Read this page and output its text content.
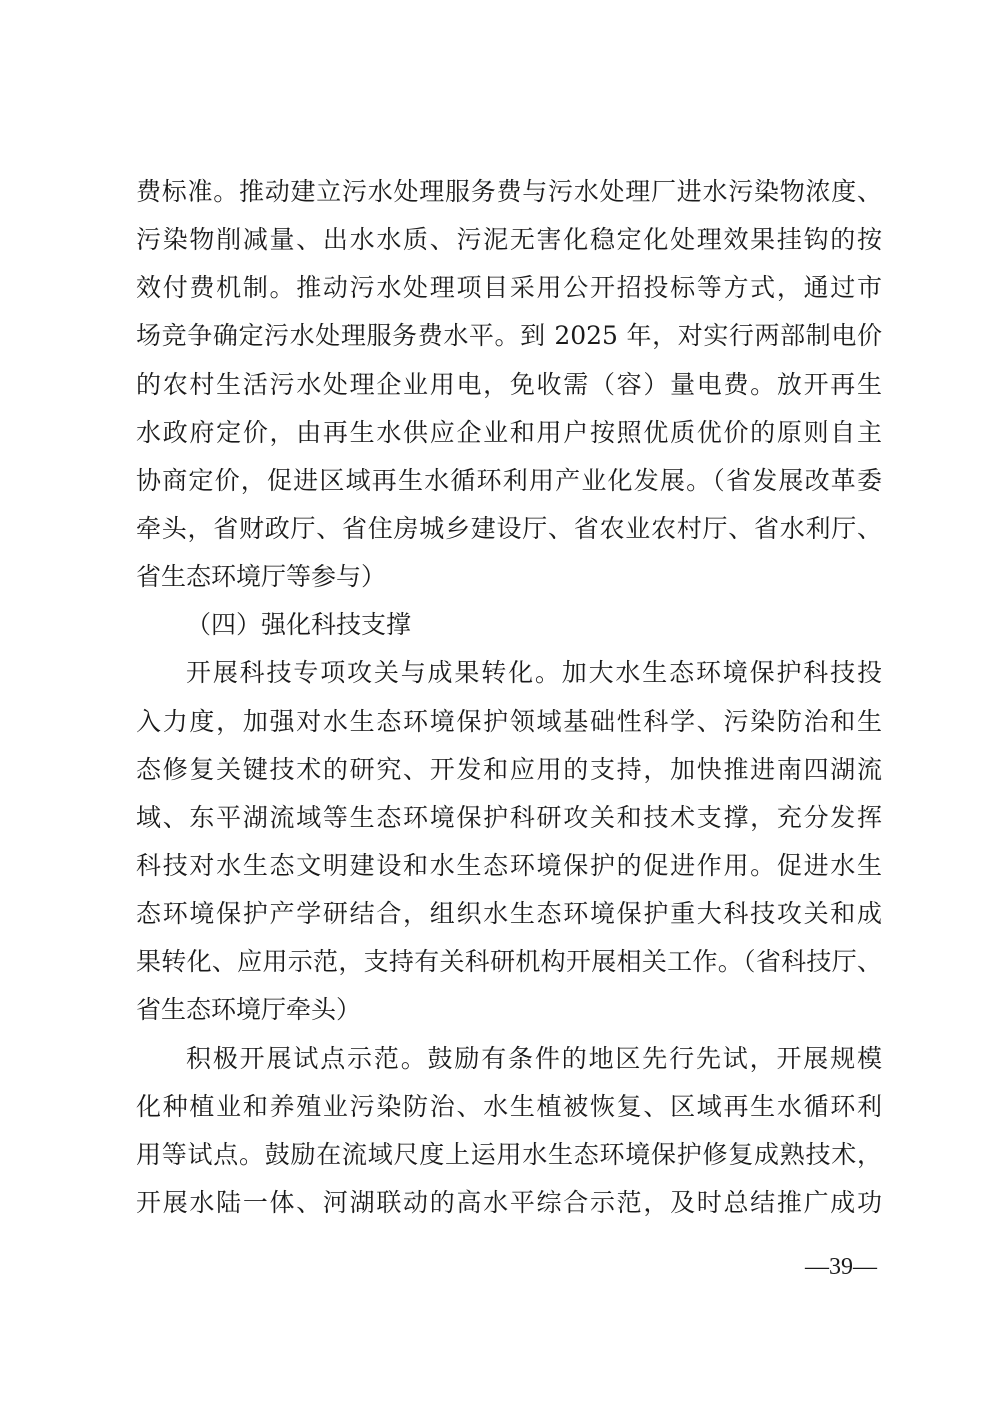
费标准。推动建立污水处理服务费与污水处理厂进水污染物浓度、
污染物削减量、出水水质、污泥无害化稳定化处理效果挂钩的按
效付费机制。推动污水处理项目采用公开招投标等方式，通过市
场竞争确定污水处理服务费水平。到 2025 年，对实行两部制电价
的农村生活污水处理企业用电，免收需（容）量电费。放开再生
水政府定价，由再生水供应企业和用户按照优质优价的原则自主
协商定价，促进区域再生水循环利用产业化发展。（省发展改革委
牵头，省财政厅、省住房城乡建设厅、省农业农村厅、省水利厅、
省生态环境厅等参与）
（四）强化科技支撑
开展科技专项攻关与成果转化。加大水生态环境保护科技投
入力度，加强对水生态环境保护领域基础性科学、污染防治和生
态修复关键技术的研究、开发和应用的支持，加快推进南四湖流
域、东平湖流域等生态环境保护科研攻关和技术支撑，充分发挥
科技对水生态文明建设和水生态环境保护的促进作用。促进水生
态环境保护产学研结合，组织水生态环境保护重大科技攻关和成
果转化、应用示范，支持有关科研机构开展相关工作。（省科技厅、
省生态环境厅牵头）
积极开展试点示范。鼓励有条件的地区先行先试，开展规模
化种植业和养殖业污染防治、水生植被恢复、区域再生水循环利
用等试点。鼓励在流域尺度上运用水生态环境保护修复成熟技术，
开展水陆一体、河湖联动的高水平综合示范，及时总结推广成功
—39—
